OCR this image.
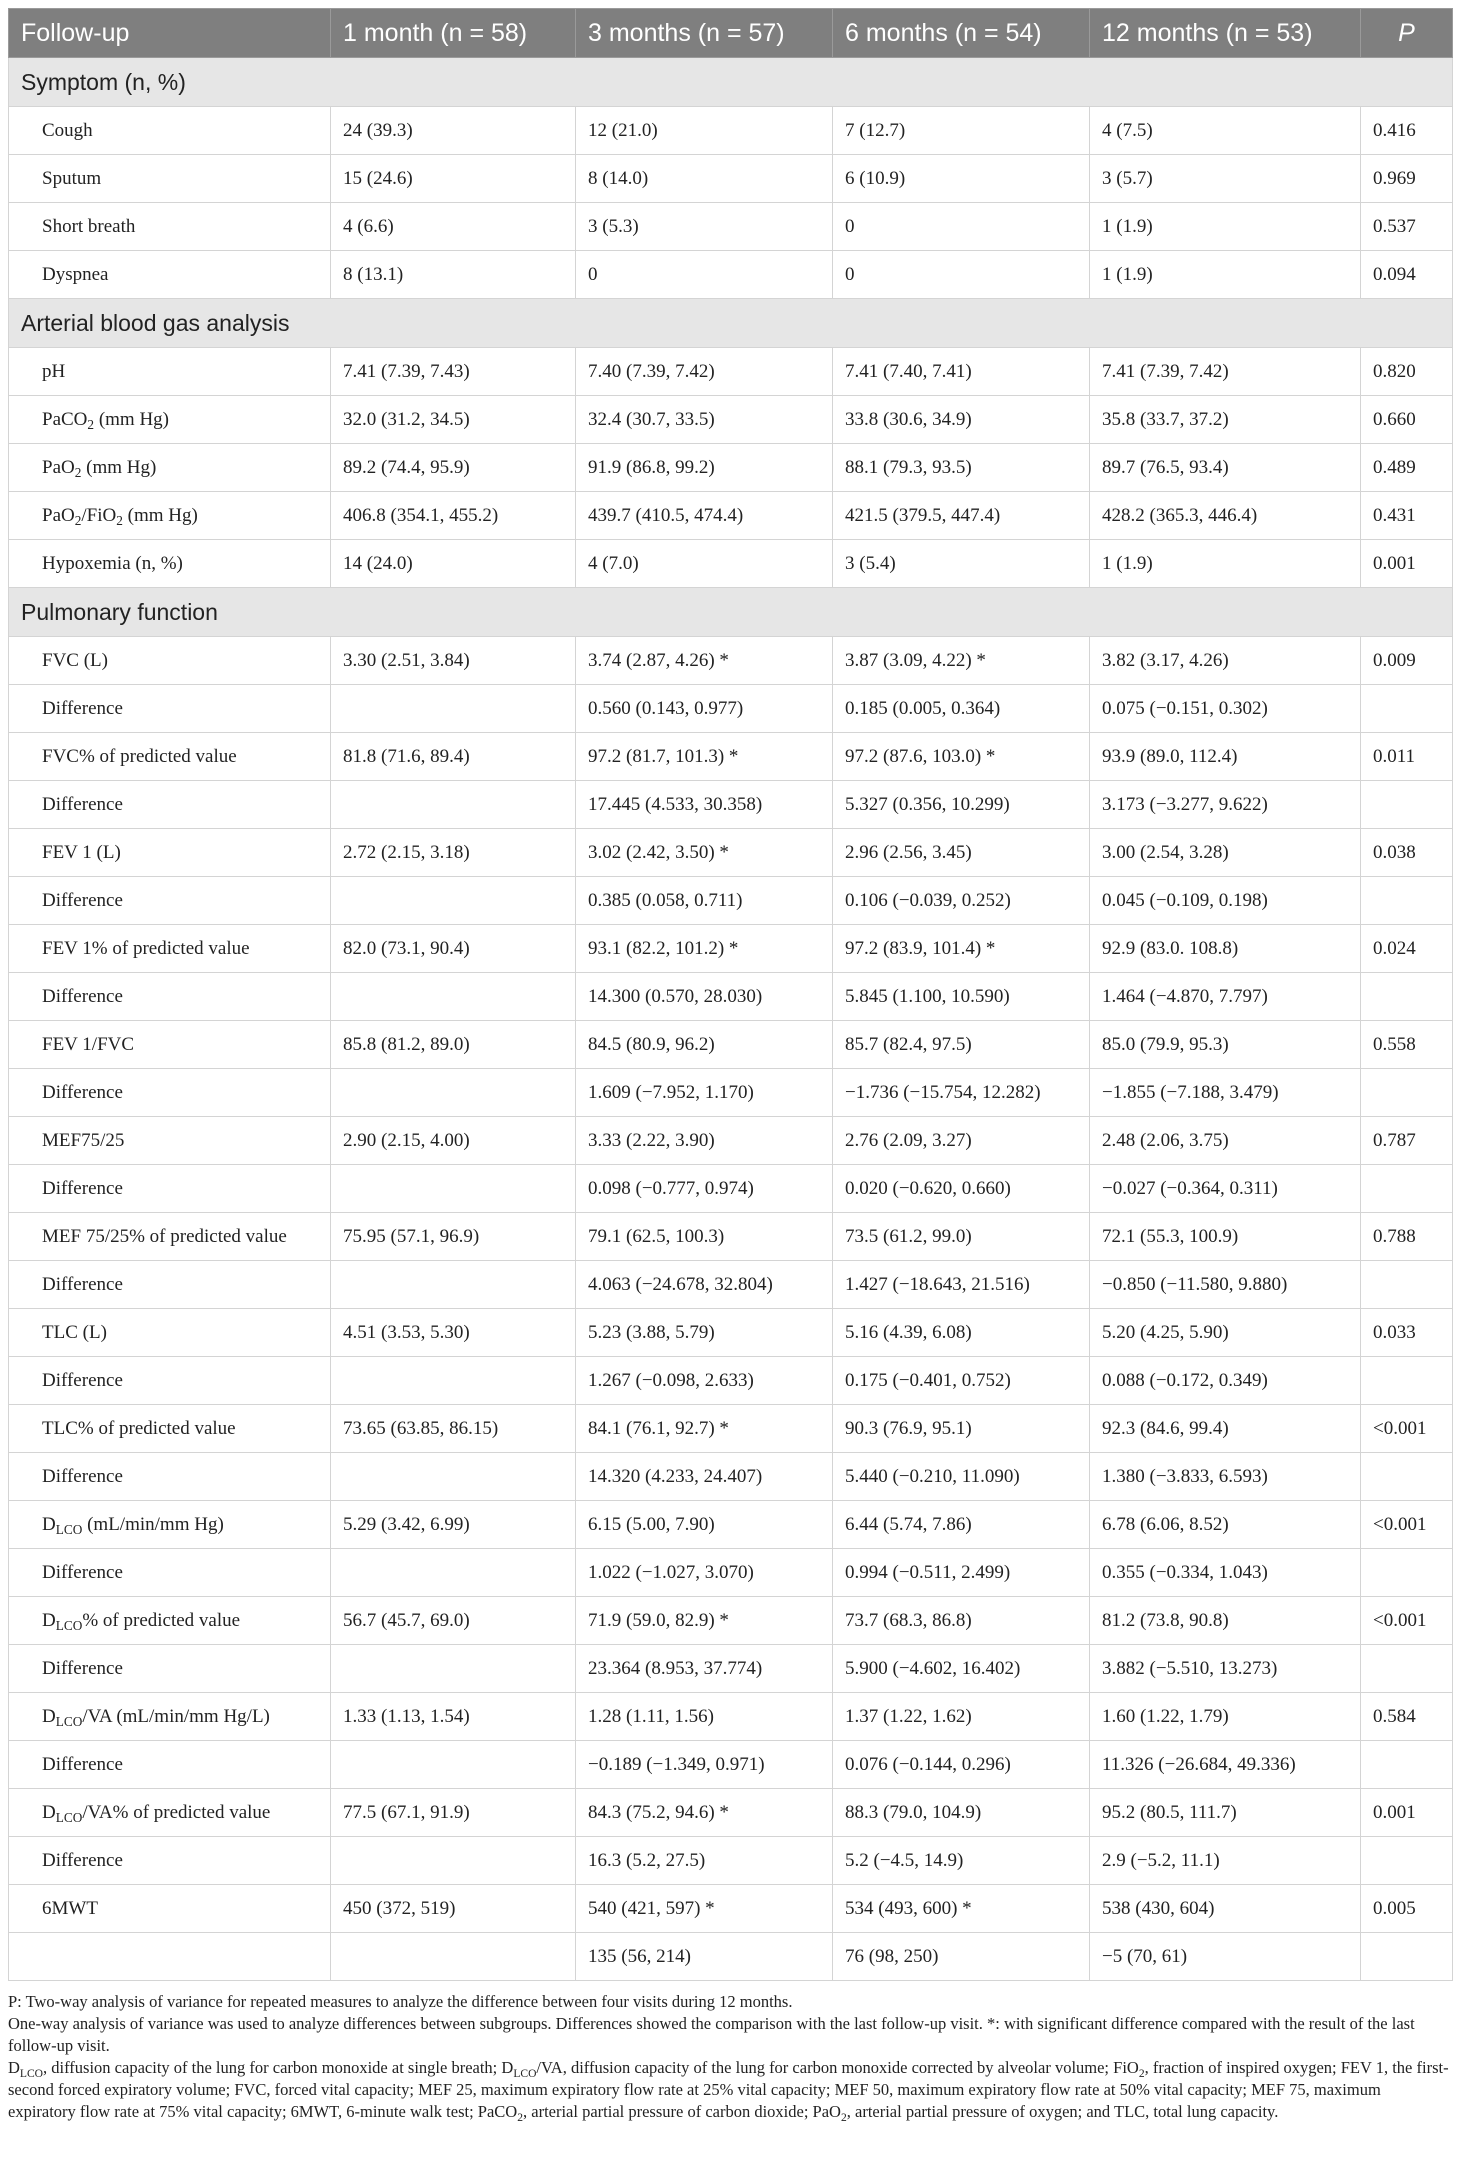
Follow-up	1 month (n = 58)	3 months (n = 57)	6 months (n = 54)	12 months (n = 53)	P
Symptom (n, %)					
Cough	24 (39.3)	12 (21.0)	7 (12.7)	4 (7.5)	0.416
Sputum	15 (24.6)	8 (14.0)	6 (10.9)	3 (5.7)	0.969
Short breath	4 (6.6)	3 (5.3)	0	1 (1.9)	0.537
Dyspnea	8 (13.1)	0	0	1 (1.9)	0.094
Arterial blood gas analysis					
pH	7.41 (7.39, 7.43)	7.40 (7.39, 7.42)	7.41 (7.40, 7.41)	7.41 (7.39, 7.42)	0.820
PaCO$_2$ (mm Hg)	32.0 (31.2, 34.5)	32.4 (30.7, 33.5)	33.8 (30.6, 34.9)	35.8 (33.7, 37.2)	0.660
PaO$_2$ (mm Hg)	89.2 (74.4, 95.9)	91.9 (86.8, 99.2)	88.1 (79.3, 93.5)	89.7 (76.5, 93.4)	0.489
PaO$_2$/FiO$_2$ (mm Hg)	406.8 (354.1, 455.2)	439.7 (410.5, 474.4)	421.5 (379.5, 447.4)	428.2 (365.3, 446.4)	0.431
Hypoxemia (n, %)	14 (24.0)	4 (7.0)	3 (5.4)	1 (1.9)	0.001
Pulmonary function					
FVC (L)	3.30 (2.51, 3.84)	3.74 (2.87, 4.26) *	3.87 (3.09, 4.22) *	3.82 (3.17, 4.26)	0.009
Difference		0.560 (0.143, 0.977)	0.185 (0.005, 0.364)	0.075 (−0.151, 0.302)	
FVC% of predicted value	81.8 (71.6, 89.4)	97.2 (81.7, 101.3) *	97.2 (87.6, 103.0) *	93.9 (89.0, 112.4)	0.011
Difference		17.445 (4.533, 30.358)	5.327 (0.356, 10.299)	3.173 (−3.277, 9.622)	
FEV 1 (L)	2.72 (2.15, 3.18)	3.02 (2.42, 3.50) *	2.96 (2.56, 3.45)	3.00 (2.54, 3.28)	0.038
Difference		0.385 (0.058, 0.711)	0.106 (−0.039, 0.252)	0.045 (−0.109, 0.198)	
FEV 1% of predicted value	82.0 (73.1, 90.4)	93.1 (82.2, 101.2) *	97.2 (83.9, 101.4) *	92.9 (83.0. 108.8)	0.024
Difference		14.300 (0.570, 28.030)	5.845 (1.100, 10.590)	1.464 (−4.870, 7.797)	
FEV 1/FVC	85.8 (81.2, 89.0)	84.5 (80.9, 96.2)	85.7 (82.4, 97.5)	85.0 (79.9, 95.3)	0.558
Difference		1.609 (−7.952, 1.170)	−1.736 (−15.754, 12.282)	−1.855 (−7.188, 3.479)	
MEF75/25	2.90 (2.15, 4.00)	3.33 (2.22, 3.90)	2.76 (2.09, 3.27)	2.48 (2.06, 3.75)	0.787
Difference		0.098 (−0.777, 0.974)	0.020 (−0.620, 0.660)	−0.027 (−0.364, 0.311)	
MEF 75/25% of predicted value	75.95 (57.1, 96.9)	79.1 (62.5, 100.3)	73.5 (61.2, 99.0)	72.1 (55.3, 100.9)	0.788
Difference		4.063 (−24.678, 32.804)	1.427 (−18.643, 21.516)	−0.850 (−11.580, 9.880)	
TLC (L)	4.51 (3.53, 5.30)	5.23 (3.88, 5.79)	5.16 (4.39, 6.08)	5.20 (4.25, 5.90)	0.033
Difference		1.267 (−0.098, 2.633)	0.175 (−0.401, 0.752)	0.088 (−0.172, 0.349)	
TLC% of predicted value	73.65 (63.85, 86.15)	84.1 (76.1, 92.7) *	90.3 (76.9, 95.1)	92.3 (84.6, 99.4)	<0.001
Difference		14.320 (4.233, 24.407)	5.440 (−0.210, 11.090)	1.380 (−3.833, 6.593)	
$D_{LCO}$ (mL/min/mm Hg)	5.29 (3.42, 6.99)	6.15 (5.00, 7.90)	6.44 (5.74, 7.86)	6.78 (6.06, 8.52)	<0.001
Difference		1.022 (−1.027, 3.070)	0.994 (−0.511, 2.499)	0.355 (−0.334, 1.043)	
$D_{LCO}\%$ of predicted value	56.7 (45.7, 69.0)	71.9 (59.0, 82.9) *	73.7 (68.3, 86.8)	81.2 (73.8, 90.8)	<0.001
Difference		23.364 (8.953, 37.774)	5.900 (−4.602, 16.402)	3.882 (−5.510, 13.273)	
$D_{LCO}/VA$ (mL/min/mm Hg/L)	1.33 (1.13, 1.54)	1.28 (1.11, 1.56)	1.37 (1.22, 1.62)	1.60 (1.22, 1.79)	0.584
Difference		−0.189 (−1.349, 0.971)	0.076 (−0.144, 0.296)	11.326 (−26.684, 49.336)	
$D_{LCO}/VA\%$ of predicted value	77.5 (67.1, 91.9)	84.3 (75.2, 94.6) *	88.3 (79.0, 104.9)	95.2 (80.5, 111.7)	0.001
Difference		16.3 (5.2, 27.5)	5.2 (−4.5, 14.9)	2.9 (−5.2, 11.1)	
6MWT	450 (372, 519)	540 (421, 597) *	534 (493, 600) *	538 (430, 604)	0.005
		135 (56, 214)	76 (98, 250)	−5 (70, 61)	

P: Two-way analysis of variance for repeated measures to analyze the difference between four visits during 12 months.

One-way analysis of variance was used to analyze differences between subgroups. Differences showed the comparison with the last follow-up visit. *: with significant difference compared with the result of the last follow-up visit.

$D_{LCO}$, diffusion capacity of the lung for carbon monoxide at single breath; $D_{LCO}/VA$, diffusion capacity of the lung for carbon monoxide corrected by alveolar volume; FiO$_2$, fraction of inspired oxygen; FEV 1, the first-second forced expiratory volume; FVC, forced vital capacity; MEF 25, maximum expiratory flow rate at 25% vital capacity; MEF 50, maximum expiratory flow rate at 50% vital capacity; MEF 75, maximum expiratory flow rate at 75% vital capacity; 6MWT, 6-minute walk test; PaCO$_2$, arterial partial pressure of carbon dioxide; PaO$_2$, arterial partial pressure of oxygen; and TLC, total lung capacity.
